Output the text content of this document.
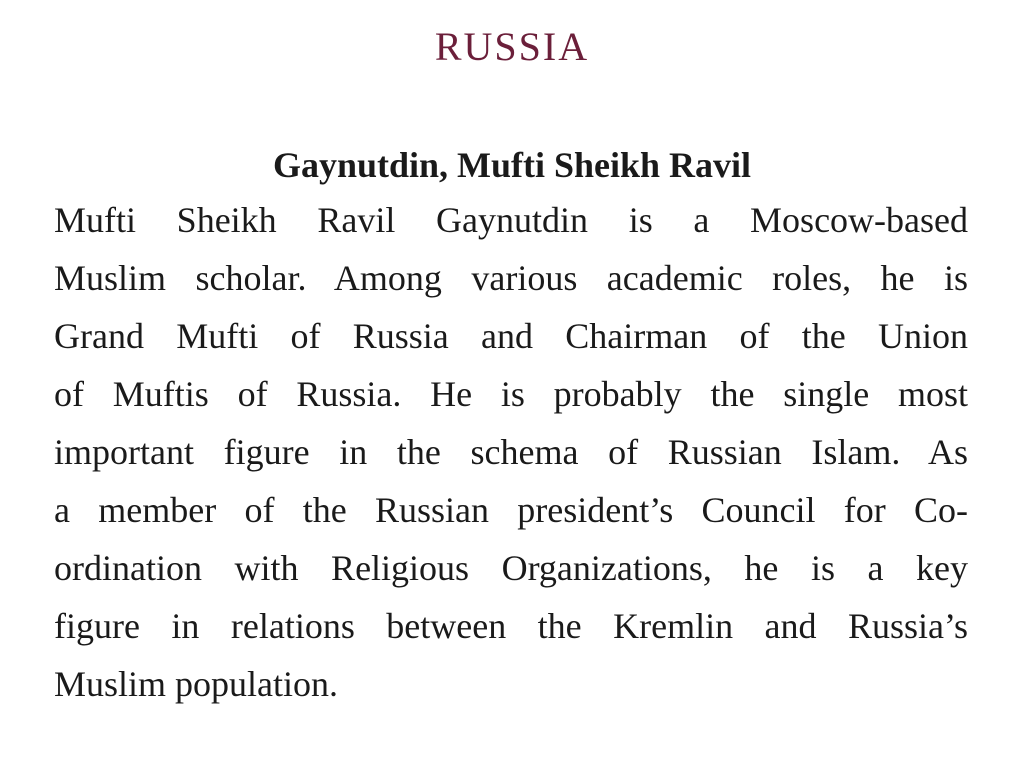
RUSSIA
Gaynutdin, Mufti Sheikh Ravil
Mufti Sheikh Ravil Gaynutdin is a Moscow-based
Muslim scholar. Among various academic roles, he is
Grand Mufti of Russia and Chairman of the Union
of Muftis of Russia. He is probably the single most
important figure in the schema of Russian Islam. As
a member of the Russian president’s Council for Co-
ordination with Religious Organizations, he is a key
figure in relations between the Kremlin and Russia’s
Muslim population.
